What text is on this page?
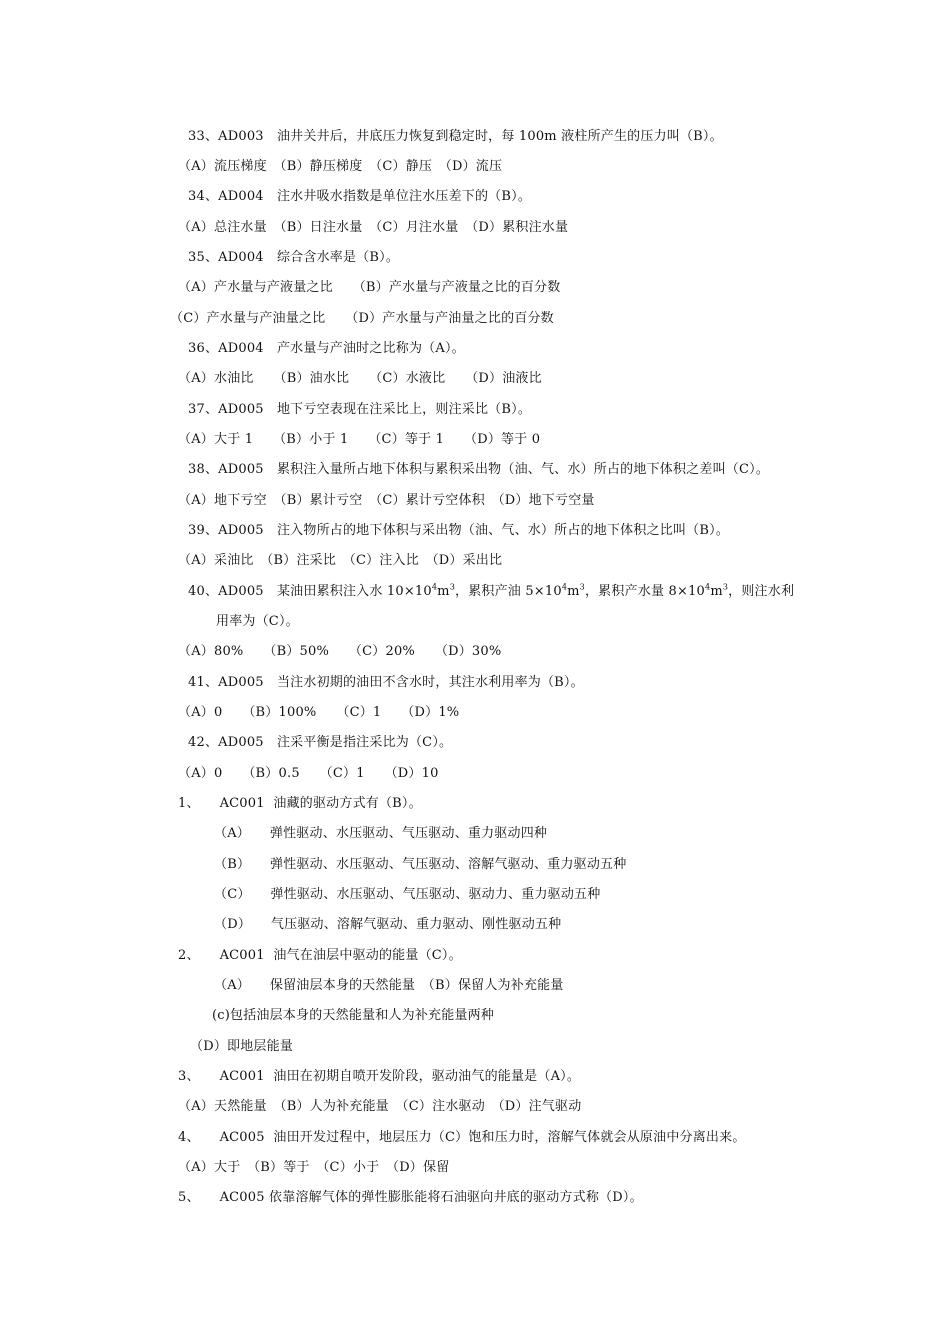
33、AD003　油井关井后，井底压力恢复到稳定时，每 100m 液柱所产生的压力叫（B）。
（A）流压梯度　（B）静压梯度　（C）静压　（D）流压
34、AD004　注水井吸水指数是单位注水压差下的（B）。
（A）总注水量　（B）日注水量　（C）月注水量　（D）累积注水量
35、AD004　综合含水率是（B）。
（A）产水量与产液量之比　　（B）产水量与产液量之比的百分数
（C）产水量与产油量之比　　（D）产水量与产油量之比的百分数
36、AD004　产水量与产油时之比称为（A）。
（A）水油比　　（B）油水比　　（C）水液比　　（D）油液比
37、AD005　地下亏空表现在注采比上，则注采比（B）。
（A）大于 1　　（B）小于 1　　（C）等于 1　　（D）等于 0
38、AD005　累积注入量所占地下体积与累积采出物（油、气、水）所占的地下体积之差叫（C）。
（A）地下亏空　（B）累计亏空　（C）累计亏空体积　（D）地下亏空量
39、AD005　注入物所占的地下体积与采出物（油、气、水）所占的地下体积之比叫（B）。
（A）采油比　（B）注采比　（C）注入比　（D）采出比
40、AD005　某油田累积注入水 $10\times 10^4m^3$，累积产油 $5\times 10^4m^3$，累积产水量 $8\times 10^4m^3$，则注水利
用率为（C）。
（A）80%　　（B）50%　　（C）20%　　（D）30%
41、AD005　当注水初期的油田不含水时，其注水利用率为（B）。
（A）0　　（B）100%　　（C）1　　（D）1%
42、AD005　注采平衡是指注采比为（C）。
（A）0　　（B）0.5　　（C）1　　（D）10
1、　　AC001  油藏的驱动方式有（B）。
（A）　　弹性驱动、水压驱动、气压驱动、重力驱动四种
（B）　　弹性驱动、水压驱动、气压驱动、溶解气驱动、重力驱动五种
（C）　　弹性驱动、水压驱动、气压驱动、驱动力、重力驱动五种
（D）　　气压驱动、溶解气驱动、重力驱动、刚性驱动五种
2、　　AC001  油气在油层中驱动的能量（C）。
（A）　　保留油层本身的天然能量　（B）保留人为补充能量
(c)包括油层本身的天然能量和人为补充能量两种
（D）即地层能量
3、　　AC001  油田在初期自喷开发阶段，驱动油气的能量是（A）。
（A）天然能量　（B）人为补充能量　（C）注水驱动　（D）注气驱动
4、　　AC005  油田开发过程中，地层压力（C）饱和压力时，溶解气体就会从原油中分离出来。
（A）大于　（B）等于　（C）小于　（D）保留
5、　　AC005 依靠溶解气体的弹性膨胀能将石油驱向井底的驱动方式称（D）。
